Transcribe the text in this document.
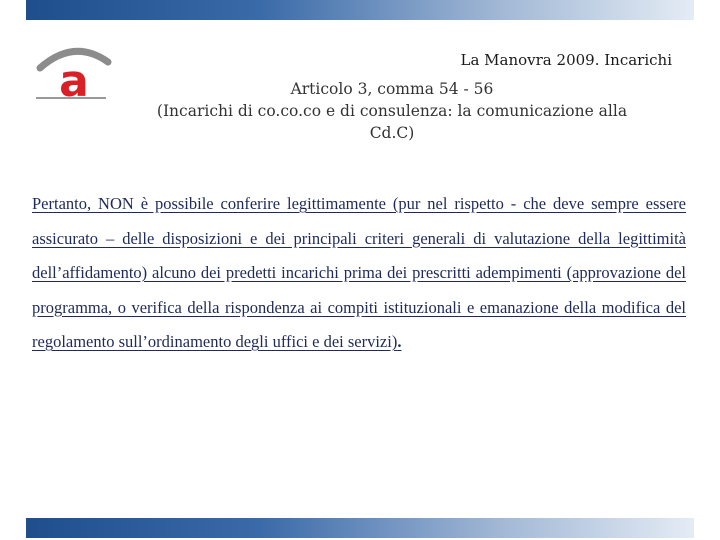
a	La Manovra 2009. Incarichi
Articolo 3, comma 54 - 56
(Incarichi di co.co.co e di consulenza: la comunicazione alla
Cd.C)

Pertanto, NON è possibile conferire legittimamente (pur nel rispetto - che deve sempre essere assicurato – delle disposizioni e dei principali criteri generali di valutazione della legittimità dell’affidamento) alcuno dei predetti incarichi prima dei prescritti adempimenti (approvazione del programma, o verifica della rispondenza ai compiti istituzionali e emanazione della modifica del regolamento sull’ordinamento degli uffici e dei servizi).
